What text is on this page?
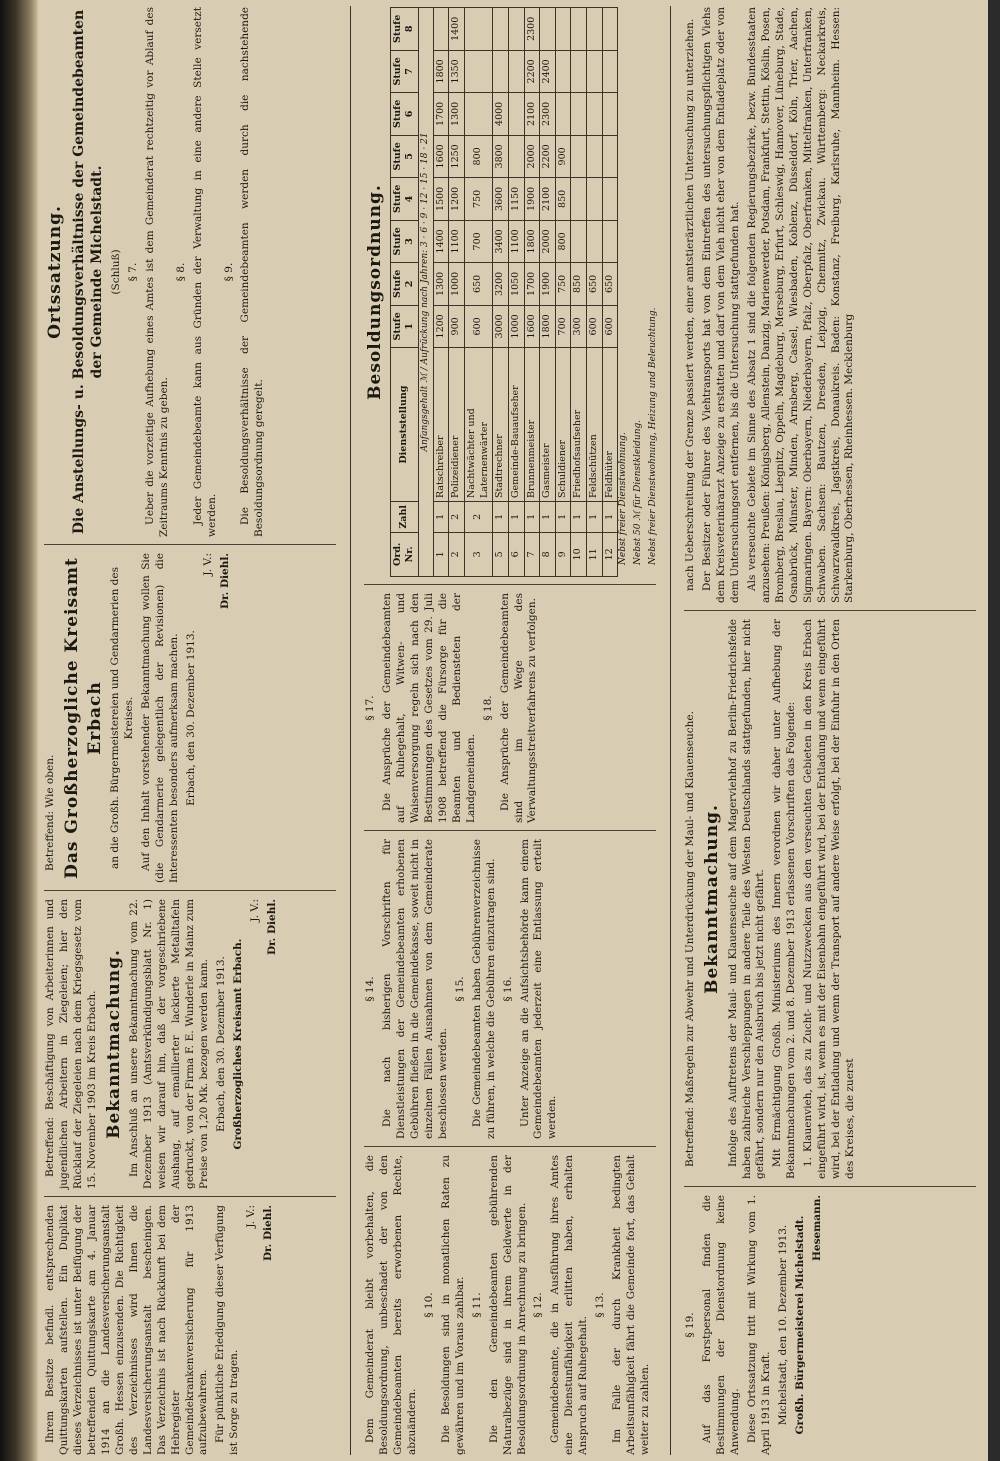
Ihrem Besitze befindl. entsprechenden Quittungskarten aufstellen. Ein Duplikat dieses Verzeichnisses ist unter Beifügung der betreffenden Quittungskarte am 4. Januar 1914 an die Landesversicherungsanstalt Großh. Hessen einzusenden. Die Richtigkeit des Verzeichnisses wird Ihnen die Landesversicherungsanstalt bescheinigen. Das Verzeichnis ist nach Rückkunft bei dem Hebregister der Gemeindekrankenversicherung für 1913 aufzubewahren. Für pünktliche Erledigung dieser Verfügung ist Sorge zu tragen.

J. V.: Dr. Diehl.

Betreffend: Beschäftigung von Arbeiterinnen und jugendlichen Arbeitern in Ziegeleien; hier den Rücklauf der Ziegeleien nach dem Kriegsgesetz vom 15. November 1903 im Kreis Erbach. Bekanntmachung. Im Anschluß an unsere Bekanntmachung vom 22. Dezember 1913 (Amtsverkündigungsblatt Nr. 1) weisen wir darauf hin, daß der vorgeschriebene Aushang, auf emaillierter lackierte Metalltafeln gedruckt, von der Firma F. E. Wunderle in Mainz zum Preise von 1,20 Mk. bezogen werden kann. Erbach, den 30. Dezember 1913. Großherzogliches Kreisamt Erbach.

J. V.: Dr. Diehl.

Betreffend: Wie oben. Das Großherzogliche Kreisamt Erbach an die Großh. Bürgermeistereien und Gendarmerien des Kreises. Auf den Inhalt vorstehender Bekanntmachung wollen Sie (die Gendarmerie gelegentlich der Revisionen) die Interessenten besonders aufmerksam machen. Erbach, den 30. Dezember 1913.

J. V.: Dr. Diehl.

Ortssatzung. Die Anstellungs- u. Besoldungsverhältnisse der Gemeindebeamten der Gemeinde Michelstadt. (Schluß) § 7. Ueber die vorzeitige Aufhebung eines Amtes ist dem Gemeinderat rechtzeitig vor Ablauf des Zeitraums Kenntnis zu geben.

§ 8. Jeder Gemeindebeamte kann aus Gründen der Verwaltung in eine andere Stelle versetzt werden.

§ 9. Die Besoldungsverhältnisse der Gemeindebeamten werden durch die nachstehende Besoldungsordnung geregelt.

Dem Gemeinderat bleibt vorbehalten, die Besoldungsordnung, unbeschadet der von den Gemeindebeamten bereits erworbenen Rechte, abzuändern.

§ 10. Die Besoldungen sind in monatlichen Raten zu gewähren und im Voraus zahlbar. § 11. Die den Gemeindebeamten gebührenden Naturalbezüge sind in ihrem Geldwerte in der Besoldungsordnung in Anrechnung zu bringen. § 12. Gemeindebeamte, die in Ausführung ihres Amtes eine Dienstunfähigkeit erlitten haben, erhalten Anspruch auf Ruhegehalt.

§ 13. Im Falle der durch Krankheit bedingten Arbeitsunfähigkeit fährt die Gemeinde fort, das Gehalt weiter zu zahlen.

§ 14. Die nach bisherigen Vorschriften für Dienstleistungen der Gemeindebeamten erhobenen Gebühren fließen in die Gemeindekasse, soweit nicht in einzelnen Fällen Ausnahmen von dem Gemeinderate beschlossen werden.

§ 15. Die Gemeindebeamten haben Gebührenverzeichnisse zu führen, in welche die Gebühren einzutragen sind. § 16. Unter Anzeige an die Aufsichtsbehörde kann einem Gemeindebeamten jederzeit eine Entlassung erteilt werden.

§ 17. Die Ansprüche der Gemeindebeamten auf Ruhegehalt, Witwen- und Waisenversorgung regeln sich nach den Bestimmungen des Gesetzes vom 29. Juli 1908 betreffend die Fürsorge für die Beamten und Bediensteten der Landgemeinden.

§ 18. Die Ansprüche der Gemeindebeamten sind im Wege des Verwaltungsstreitverfahrens zu verfolgen.

Besoldungsordnung.

Ord. Nr.	Zahl	Dienststellung	Stufe 1	Stufe 2	Stufe 3	Stufe 4	Stufe 5	Stufe 6	Stufe 7	Stufe 8
Anfangsgehalt ℳ / Aufrückung nach Jahren: 3 · 6 · 9 · 12 · 15 · 18 · 21										
1	1	Ratschreiber	1200	1300	1400	1500	1600	1700	1800	
2	2	Polizeidiener	900	1000	1100	1200	1250	1300	1350	1400
3	2	Nachtwächter und Laternenwärter	600	650	700	750	800			
5	1	Stadtrechner	3000	3200	3400	3600	3800	4000		
6	1	Gemeinde-Bauaufseher	1000	1050	1100	1150				
7	1	Brunnenmeister	1600	1700	1800	1900	2000	2100	2200	2300
8	1	Gasmeister	1800	1900	2000	2100	2200	2300	2400	
9	1	Schuldiener	700	750	800	850	900			
10	1	Friedhofsaufseher	300	850						
11	1	Feldschützen	600	650						
12	1	Feldhüter	600	650						

Nebst freier Dienstwohnung. Nebst 50 ℳ für Dienstkleidung. Nebst freier Dienstwohnung, Heizung und Beleuchtung.

§ 19. Auf das Forstpersonal finden die Bestimmungen der Dienstordnung keine Anwendung. Diese Ortssatzung tritt mit Wirkung vom 1. April 1913 in Kraft. Michelstadt, den 10. Dezember 1913. Großh. Bürgermeisterei Michelstadt. Hesemann.

Betreffend: Maßregeln zur Abwehr und Unterdrückung der Maul- und Klauenseuche. Bekanntmachung. Infolge des Auftretens der Maul- und Klauenseuche auf dem Magerviehhof zu Berlin-Friedrichsfelde haben zahlreiche Verschleppungen in andere Teile des Westen Deutschlands stattgefunden, hier nicht gefährt, sondern nur den Ausbruch bis jetzt nicht gefährt. Mit Ermächtigung Großh. Ministeriums des Innern verordnen wir daher unter Aufhebung der Bekanntmachungen vom 2. und 8. Dezember 1913 erlassenen Vorschriften das Folgende: 1. Klauenvieh, das zu Zucht- und Nutzzwecken aus den verseuchten Gebieten in den Kreis Erbach eingeführt wird, ist, wenn es mit der Eisenbahn eingeführt wird, bei der Entladung und wenn eingeführt wird, bei der Entladung und wenn der Transport auf andere Weise erfolgt, bei der Einfuhr in den Orten des Kreises, die zuerst

nach Ueberschreitung der Grenze passiert werden, einer amtstierärztlichen Untersuchung zu unterziehen. Der Besitzer oder Führer des Viehtransports hat von dem Eintreffen des untersuchungspflichtigen Viehs dem Kreisveterinärarzt Anzeige zu erstatten und darf von dem Vieh nicht eher von dem Entladeplatz oder von dem Untersuchungsort entfernen, bis die Untersuchung stattgefunden hat. Als verseuchte Gebiete im Sinne des Absatz 1 sind die folgenden Regierungsbezirke, bezw. Bundesstaaten anzusehen: Preußen: Königsberg, Allenstein, Danzig, Marienwerder, Potsdam, Frankfurt, Stettin, Köslin, Posen, Bromberg, Breslau, Liegnitz, Oppeln, Magdeburg, Merseburg, Erfurt, Schleswig, Hannover, Lüneburg, Stade, Osnabrück, Münster, Minden, Arnsberg, Cassel, Wiesbaden, Koblenz, Düsseldorf, Köln, Trier, Aachen, Sigmaringen. Bayern: Oberbayern, Niederbayern, Pfalz, Oberpfalz, Oberfranken, Mittelfranken, Unterfranken, Schwaben. Sachsen: Bautzen, Dresden, Leipzig, Chemnitz, Zwickau. Württemberg: Neckarkreis, Schwarzwaldkreis, Jagstkreis, Donaukreis. Baden: Konstanz, Freiburg, Karlsruhe, Mannheim. Hessen: Starkenburg, Oberhessen, Rheinhessen. Mecklenburg
